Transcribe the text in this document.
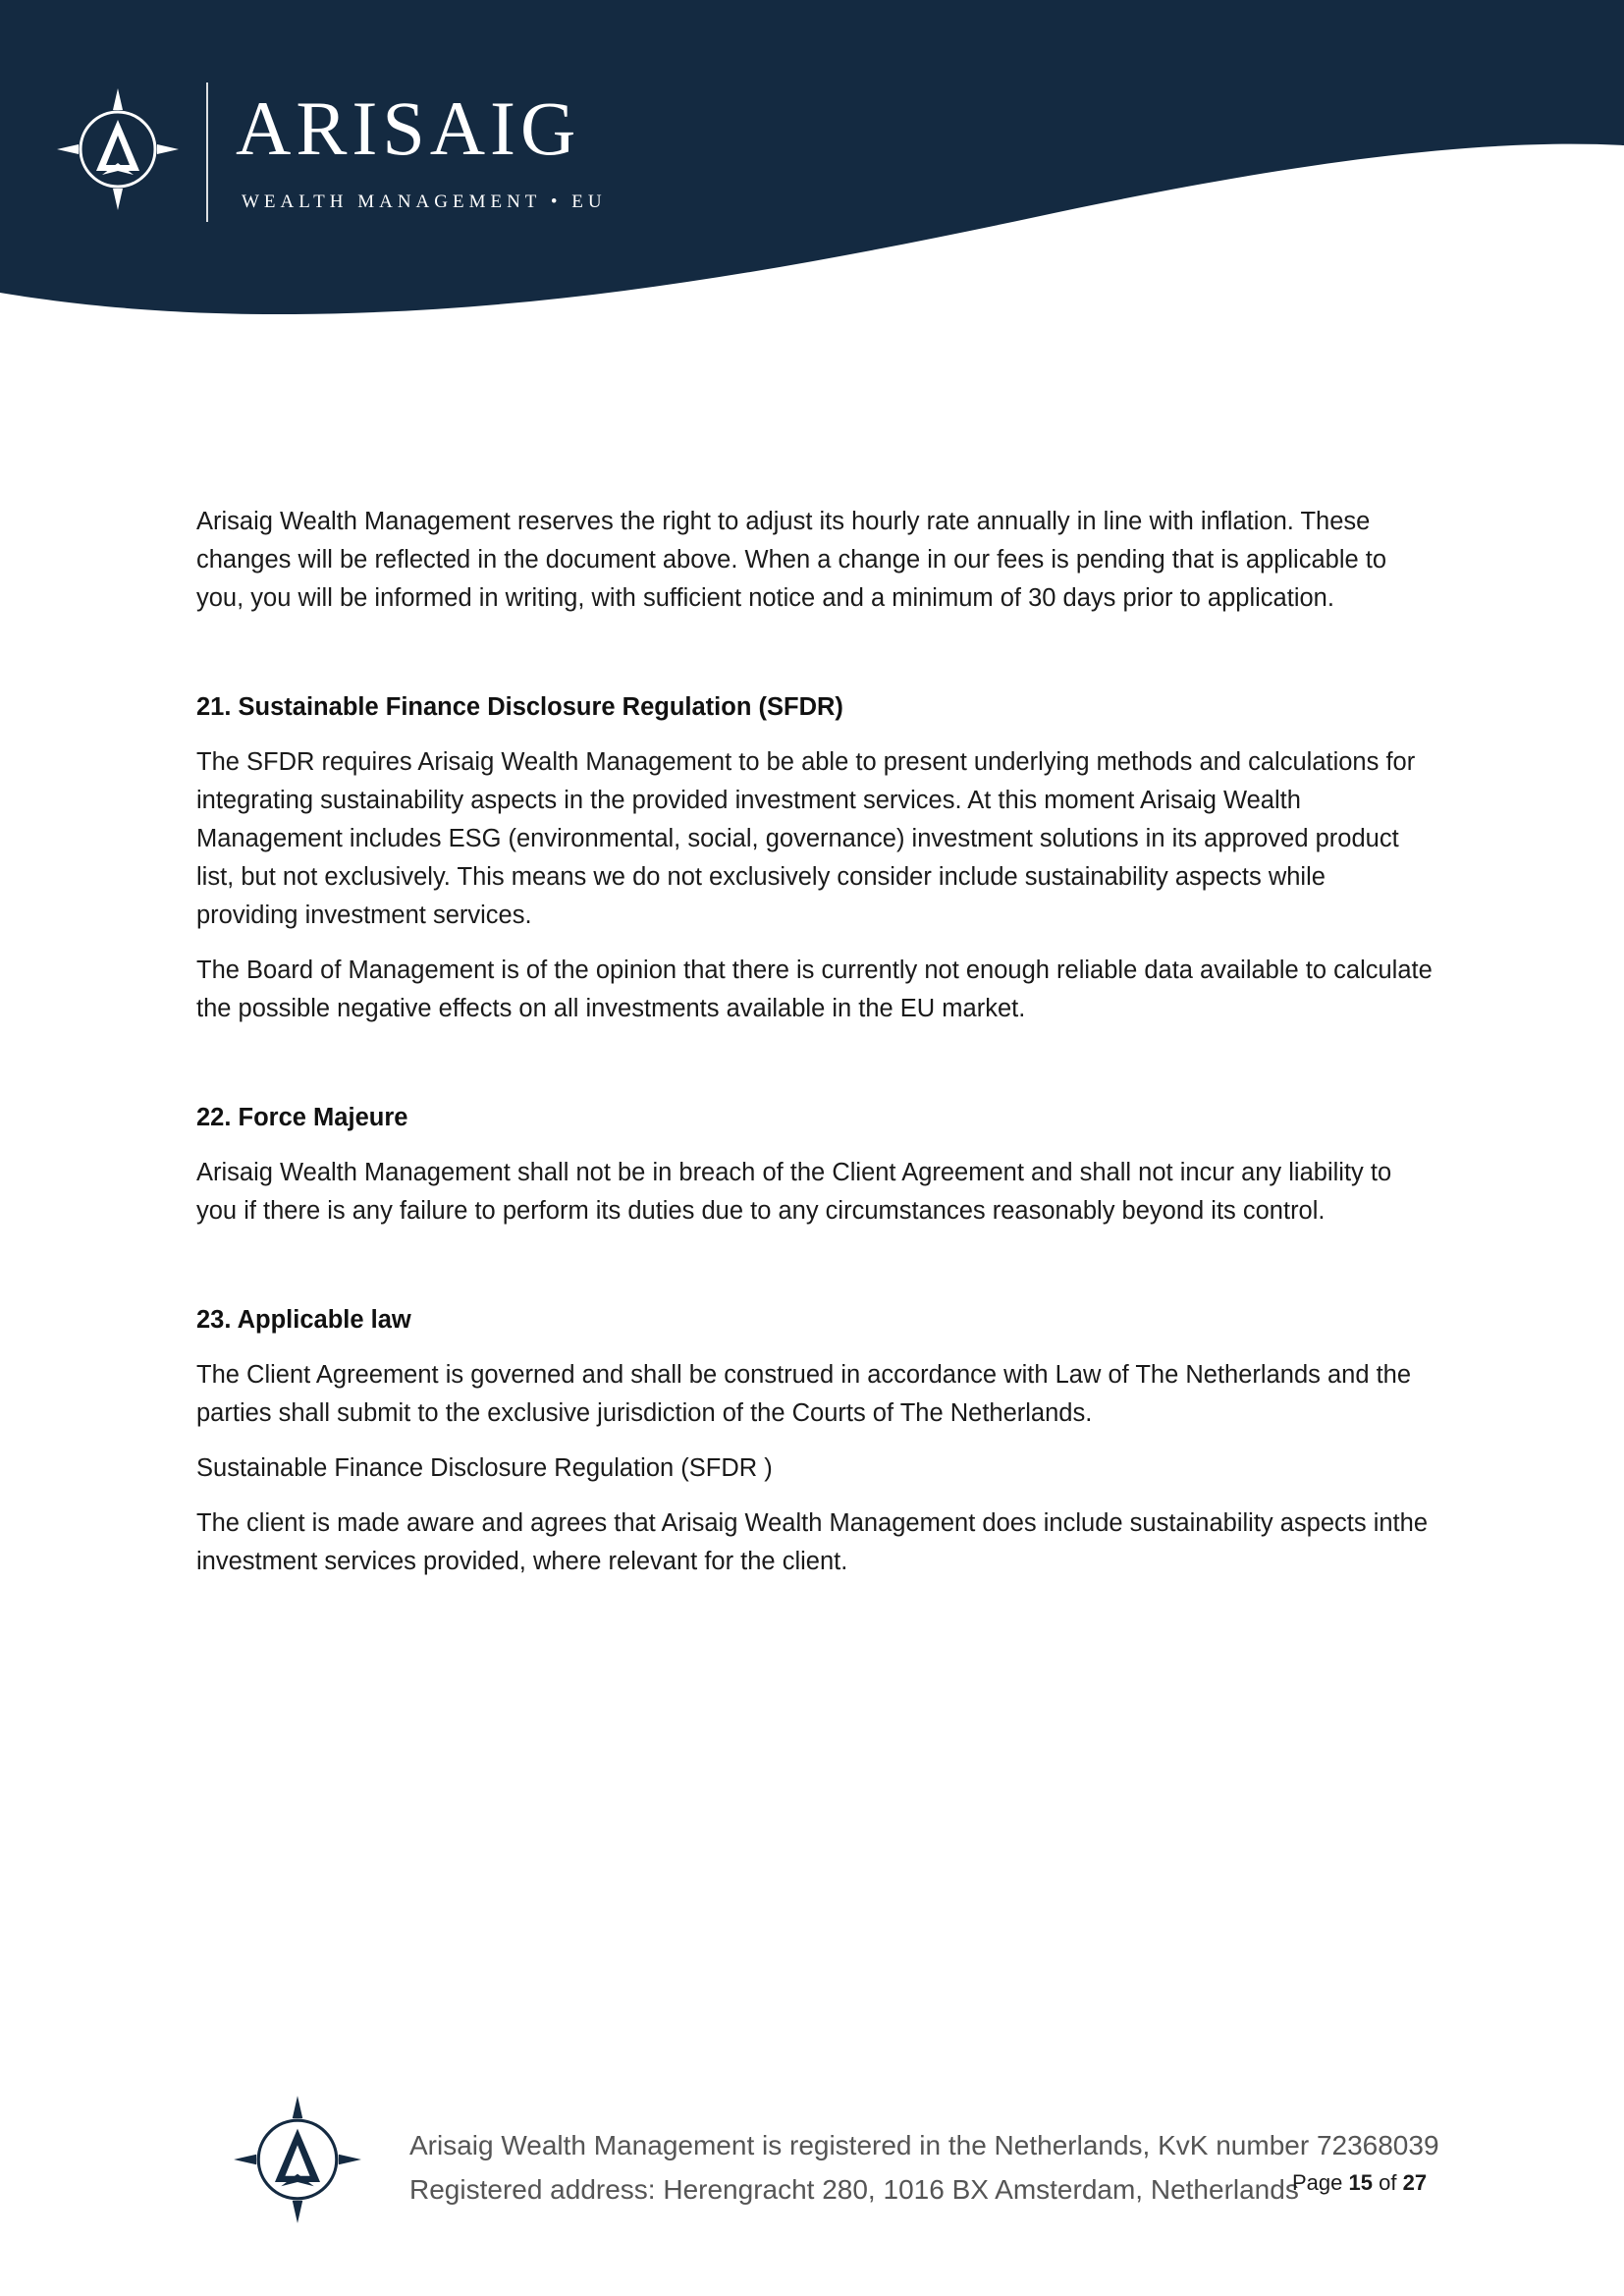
ARISAIG
WEALTH MANAGEMENT • EU

Arisaig Wealth Management reserves the right to adjust its hourly rate annually in line with inflation. These changes will be reflected in the document above. When a change in our fees is pending that is applicable to you, you will be informed in writing, with sufficient notice and a minimum of 30 days prior to application.

21. Sustainable Finance Disclosure Regulation (SFDR)

The SFDR requires Arisaig Wealth Management to be able to present underlying methods and calculations for integrating sustainability aspects in the provided investment services. At this moment Arisaig Wealth Management includes ESG (environmental, social, governance) investment solutions in its approved product list, but not exclusively. This means we do not exclusively consider include sustainability aspects while providing investment services.

The Board of Management is of the opinion that there is currently not enough reliable data available to calculate the possible negative effects on all investments available in the EU market.

22. Force Majeure

Arisaig Wealth Management shall not be in breach of the Client Agreement and shall not incur any liability to you if there is any failure to perform its duties due to any circumstances reasonably beyond its control.

23. Applicable law

The Client Agreement is governed and shall be construed in accordance with Law of The Netherlands and the parties shall submit to the exclusive jurisdiction of the Courts of The Netherlands.

Sustainable Finance Disclosure Regulation (SFDR )

The client is made aware and agrees that Arisaig Wealth Management does include sustainability aspects inthe investment services provided, where relevant for the client.

Arisaig Wealth Management is registered in the Netherlands, KvK number 72368039
Registered address: Herengracht 280, 1016 BX Amsterdam, Netherlands
Page 15 of 27
